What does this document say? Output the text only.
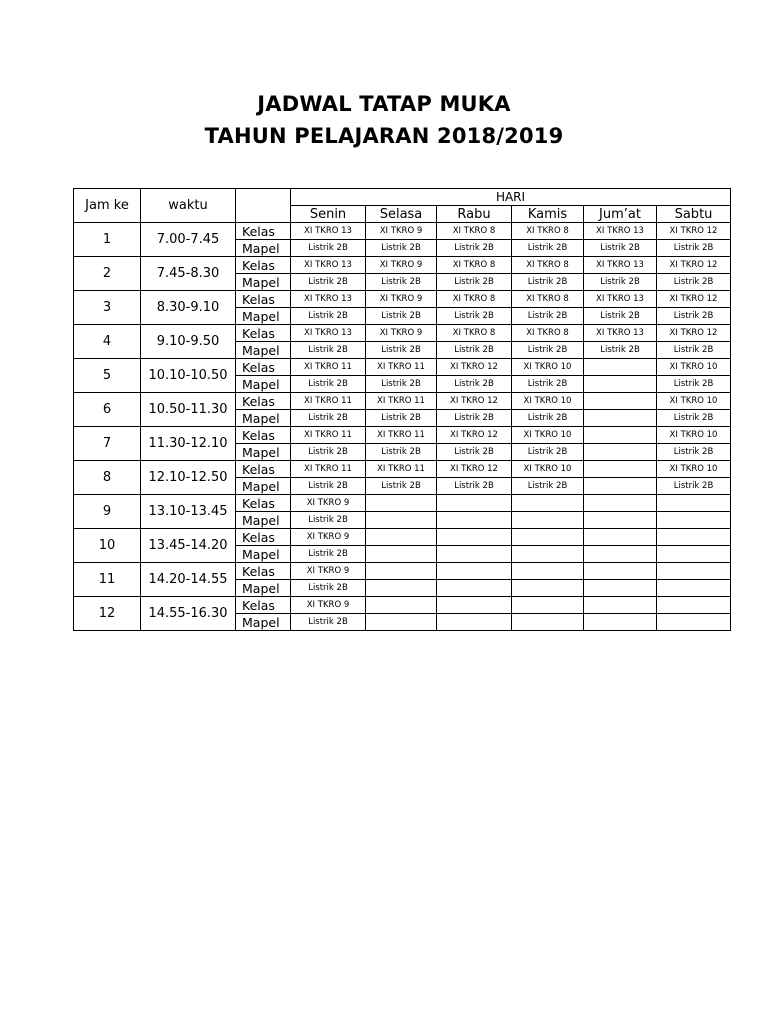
JADWAL TATAP MUKA
TAHUN PELAJARAN 2018/2019
Jam ke	waktu		HARI					
			Senin	Selasa	Rabu	Kamis	Jum’at	Sabtu
1	7.00-7.45	Kelas	XI TKRO 13	XI TKRO 9	XI TKRO 8	XI TKRO 8	XI TKRO 13	XI TKRO 12
		Mapel	Listrik 2B	Listrik 2B	Listrik 2B	Listrik 2B	Listrik 2B	Listrik 2B
2	7.45-8.30	Kelas	XI TKRO 13	XI TKRO 9	XI TKRO 8	XI TKRO 8	XI TKRO 13	XI TKRO 12
		Mapel	Listrik 2B	Listrik 2B	Listrik 2B	Listrik 2B	Listrik 2B	Listrik 2B
3	8.30-9.10	Kelas	XI TKRO 13	XI TKRO 9	XI TKRO 8	XI TKRO 8	XI TKRO 13	XI TKRO 12
		Mapel	Listrik 2B	Listrik 2B	Listrik 2B	Listrik 2B	Listrik 2B	Listrik 2B
4	9.10-9.50	Kelas	XI TKRO 13	XI TKRO 9	XI TKRO 8	XI TKRO 8	XI TKRO 13	XI TKRO 12
		Mapel	Listrik 2B	Listrik 2B	Listrik 2B	Listrik 2B	Listrik 2B	Listrik 2B
5	10.10-10.50	Kelas	XI TKRO 11	XI TKRO 11	XI TKRO 12	XI TKRO 10		XI TKRO 10
		Mapel	Listrik 2B	Listrik 2B	Listrik 2B	Listrik 2B		Listrik 2B
6	10.50-11.30	Kelas	XI TKRO 11	XI TKRO 11	XI TKRO 12	XI TKRO 10		XI TKRO 10
		Mapel	Listrik 2B	Listrik 2B	Listrik 2B	Listrik 2B		Listrik 2B
7	11.30-12.10	Kelas	XI TKRO 11	XI TKRO 11	XI TKRO 12	XI TKRO 10		XI TKRO 10
		Mapel	Listrik 2B	Listrik 2B	Listrik 2B	Listrik 2B		Listrik 2B
8	12.10-12.50	Kelas	XI TKRO 11	XI TKRO 11	XI TKRO 12	XI TKRO 10		XI TKRO 10
		Mapel	Listrik 2B	Listrik 2B	Listrik 2B	Listrik 2B		Listrik 2B
9	13.10-13.45	Kelas	XI TKRO 9					
		Mapel	Listrik 2B					
10	13.45-14.20	Kelas	XI TKRO 9					
		Mapel	Listrik 2B					
11	14.20-14.55	Kelas	XI TKRO 9					
		Mapel	Listrik 2B					
12	14.55-16.30	Kelas	XI TKRO 9					
		Mapel	Listrik 2B					
